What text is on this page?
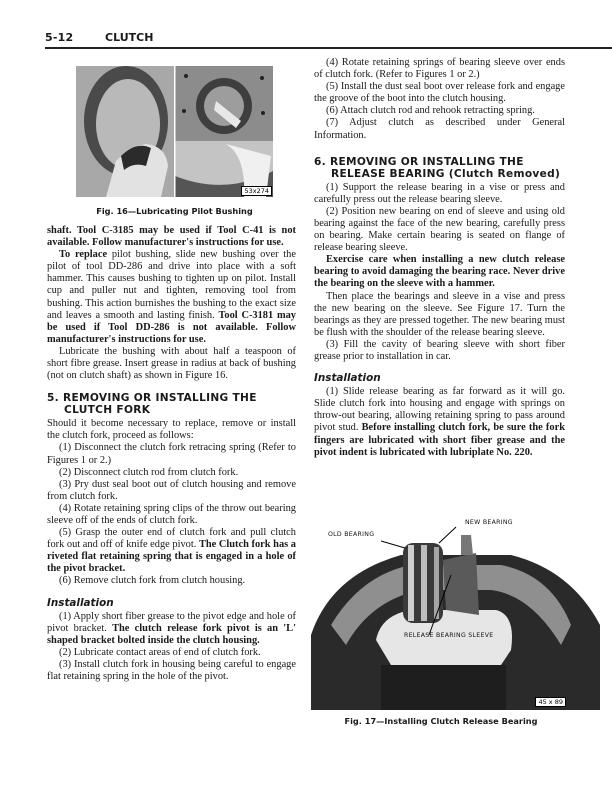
5-12	CLUTCH
53x274
Fig. 16—Lubricating Pilot Bushing

shaft. Tool C-3185 may be used if Tool C-41 is not available. Follow manufacturer's instructions for use.

To replace pilot bushing, slide new bushing over the pilot of tool DD-286 and drive into place with a soft hammer. This causes bushing to tighten up on pilot. Install cup and puller nut and tighten, removing tool from bushing. This action burnishes the bushing to the exact size and leaves a smooth and lasting finish. Tool C-3181 may be used if Tool DD-286 is not available. Follow manufacturer's instructions for use.

Lubricate the bushing with about half a teaspoon of short fibre grease. Insert grease in radius at back of bushing (not on clutch shaft) as shown in Figure 16.

5. REMOVING OR INSTALLING THE
CLUTCH FORK

Should it become necessary to replace, remove or install the clutch fork, proceed as follows:

(1) Disconnect the clutch fork retracing spring (Refer to Figures 1 or 2.)

(2) Disconnect clutch rod from clutch fork.

(3) Pry dust seal boot out of clutch housing and remove from clutch fork.

(4) Rotate retaining spring clips of the throw out bearing sleeve off of the ends of clutch fork.

(5) Grasp the outer end of clutch fork and pull clutch fork out and off of knife edge pivot. The Clutch fork has a riveted flat retaining spring that is engaged in a hole of the pivot bracket.

(6) Remove clutch fork from clutch housing.

Installation

(1) Apply short fiber grease to the pivot edge and hole of pivot bracket. The clutch release fork pivot is an 'L' shaped bracket bolted inside the clutch housing.

(2) Lubricate contact areas of end of clutch fork.

(3) Install clutch fork in housing being careful to engage flat retaining spring in the hole of the pivot.

(4) Rotate retaining springs of bearing sleeve over ends of clutch fork. (Refer to Figures 1 or 2.)

(5) Install the dust seal boot over release fork and engage the groove of the boot into the clutch housing.

(6) Attach clutch rod and rehook retracting spring.

(7) Adjust clutch as described under General Information.

6. REMOVING OR INSTALLING THE
RELEASE BEARING (Clutch Removed)

(1) Support the release bearing in a vise or press and carefully press out the release bearing sleeve.

(2) Position new bearing on end of sleeve and using old bearing against the face of the new bearing, carefully press on bearing. Make certain bearing is seated on flange of release bearing sleeve.

Exercise care when installing a new clutch release bearing to avoid damaging the bearing race. Never drive the bearing on the sleeve with a hammer.

Then place the bearings and sleeve in a vise and press the new bearing on the sleeve. See Figure 17. Turn the bearings as they are pressed together. The new bearing must be flush with the shoulder of the release bearing sleeve.

(3) Fill the cavity of bearing sleeve with short fiber grease prior to installation in car.

Installation

(1) Slide release bearing as far forward as it will go. Slide clutch fork into housing and engage with springs on throw-out bearing, allowing retaining spring to pass around pivot stud. Before installing clutch fork, be sure the fork fingers are lubricated with short fiber grease and the pivot indent is lubricated with lubriplate No. 220.

NEW BEARING
OLD BEARING
RELEASE BEARING SLEEVE
45 x 89
Fig. 17—Installing Clutch Release Bearing
